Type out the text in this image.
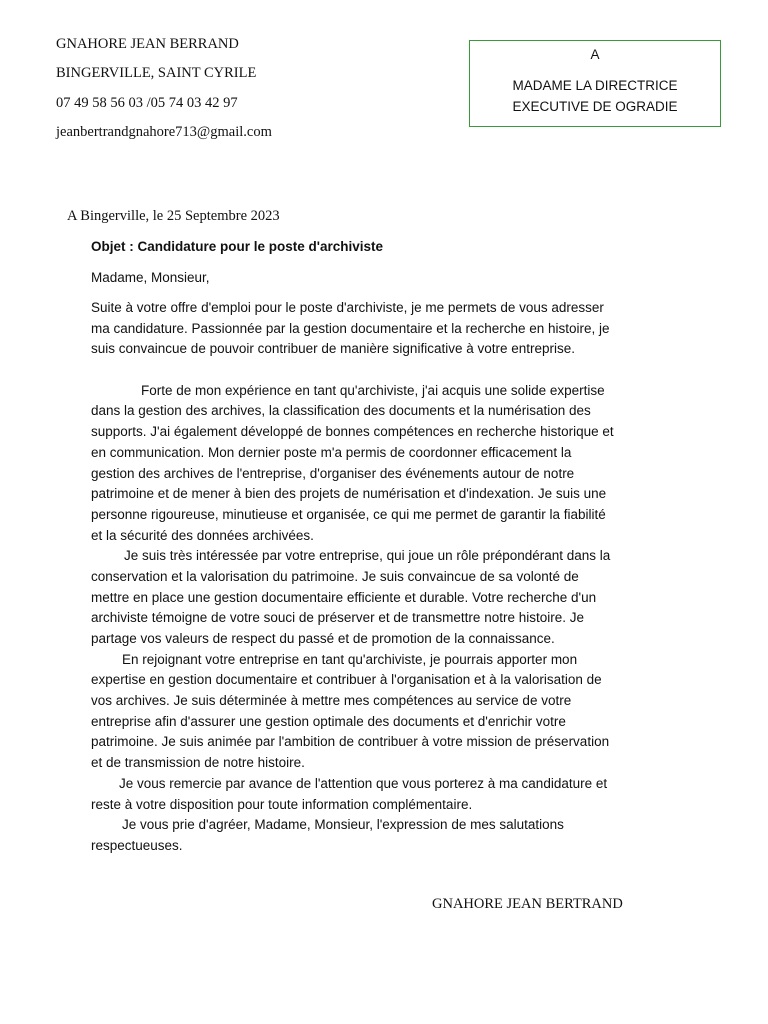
GNAHORE JEAN BERRAND
BINGERVILLE, SAINT CYRILE
07 49 58 56 03 /05 74 03 42 97
jeanbertrandgnahore713@gmail.com
A
MADAME LA DIRECTRICE
EXECUTIVE DE OGRADIE
A Bingerville, le 25 Septembre 2023
Objet : Candidature pour le poste d'archiviste
Madame, Monsieur,
Suite à votre offre d'emploi pour le poste d'archiviste, je me permets de vous adresser
ma candidature. Passionnée par la gestion documentaire et la recherche en histoire, je
suis convaincue de pouvoir contribuer de manière significative à votre entreprise.
Forte de mon expérience en tant qu'archiviste, j'ai acquis une solide expertise
dans la gestion des archives, la classification des documents et la numérisation des
supports. J'ai également développé de bonnes compétences en recherche historique et
en communication. Mon dernier poste m'a permis de coordonner efficacement la
gestion des archives de l'entreprise, d'organiser des événements autour de notre
patrimoine et de mener à bien des projets de numérisation et d'indexation. Je suis une
personne rigoureuse, minutieuse et organisée, ce qui me permet de garantir la fiabilité
et la sécurité des données archivées.
Je suis très intéressée par votre entreprise, qui joue un rôle prépondérant dans la
conservation et la valorisation du patrimoine. Je suis convaincue de sa volonté de
mettre en place une gestion documentaire efficiente et durable. Votre recherche d'un
archiviste témoigne de votre souci de préserver et de transmettre notre histoire. Je
partage vos valeurs de respect du passé et de promotion de la connaissance.
En rejoignant votre entreprise en tant qu'archiviste, je pourrais apporter mon
expertise en gestion documentaire et contribuer à l'organisation et à la valorisation de
vos archives. Je suis déterminée à mettre mes compétences au service de votre
entreprise afin d'assurer une gestion optimale des documents et d'enrichir votre
patrimoine. Je suis animée par l'ambition de contribuer à votre mission de préservation
et de transmission de notre histoire.
Je vous remercie par avance de l'attention que vous porterez à ma candidature et
reste à votre disposition pour toute information complémentaire.
Je vous prie d'agréer, Madame, Monsieur, l'expression de mes salutations
respectueuses.
GNAHORE JEAN BERTRAND
